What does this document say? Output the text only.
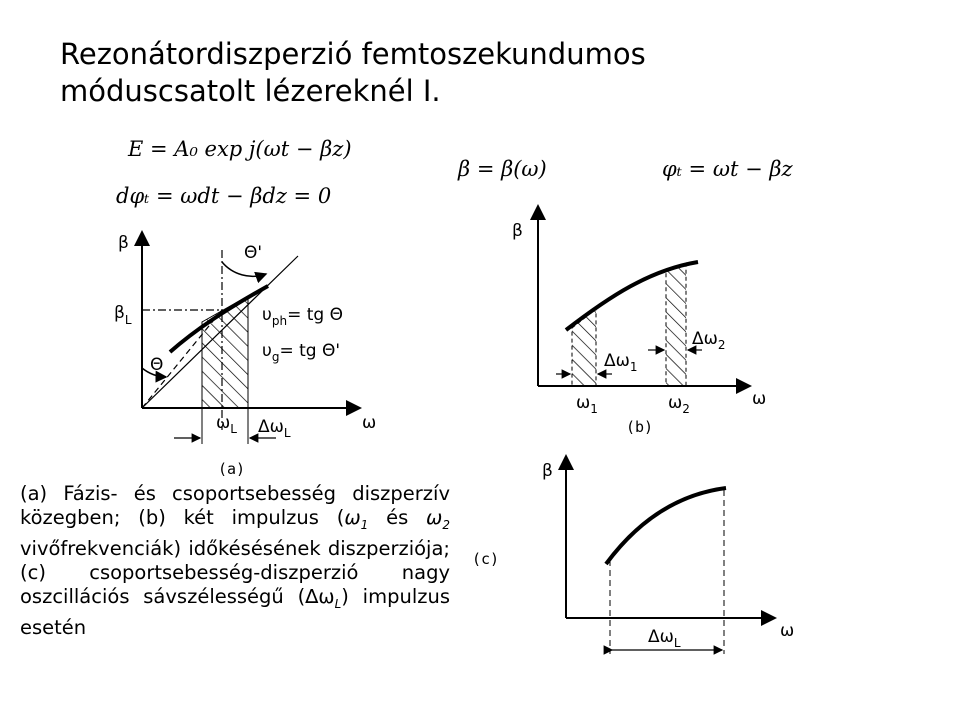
Rezonátordiszperzió femtoszekundumos
móduscsatolt lézereknél I.
E = A₀ exp j(ωt − βz)
dφₜ = ωdt − βdz = 0
β = β(ω)	φₜ = ωt − βz
β
ω
Θ
Θ'
$\beta_L$	$\upsilon_{ph}=$ tg Θ
$\upsilon_g=$ tg Θ'
$\omega_L$ $\Delta\omega_L$
(a)
β
ω
$\omega_1$	$\omega_2$
$\Delta\omega_1$
$\Delta\omega_2$
(b)
β
ω
$\Delta\omega_L$
(c)
(a) Fázis- és csoportsebesség diszperzív közegben; (b) két impulzus ($\omega_1$ és $\omega_2$ vivőfrekvenciák) időkésésének diszperziója; (c) csoportsebesség-diszperzió nagy oszcillációs sávszélességű $(\Delta\omega_L)$ impulzus esetén
